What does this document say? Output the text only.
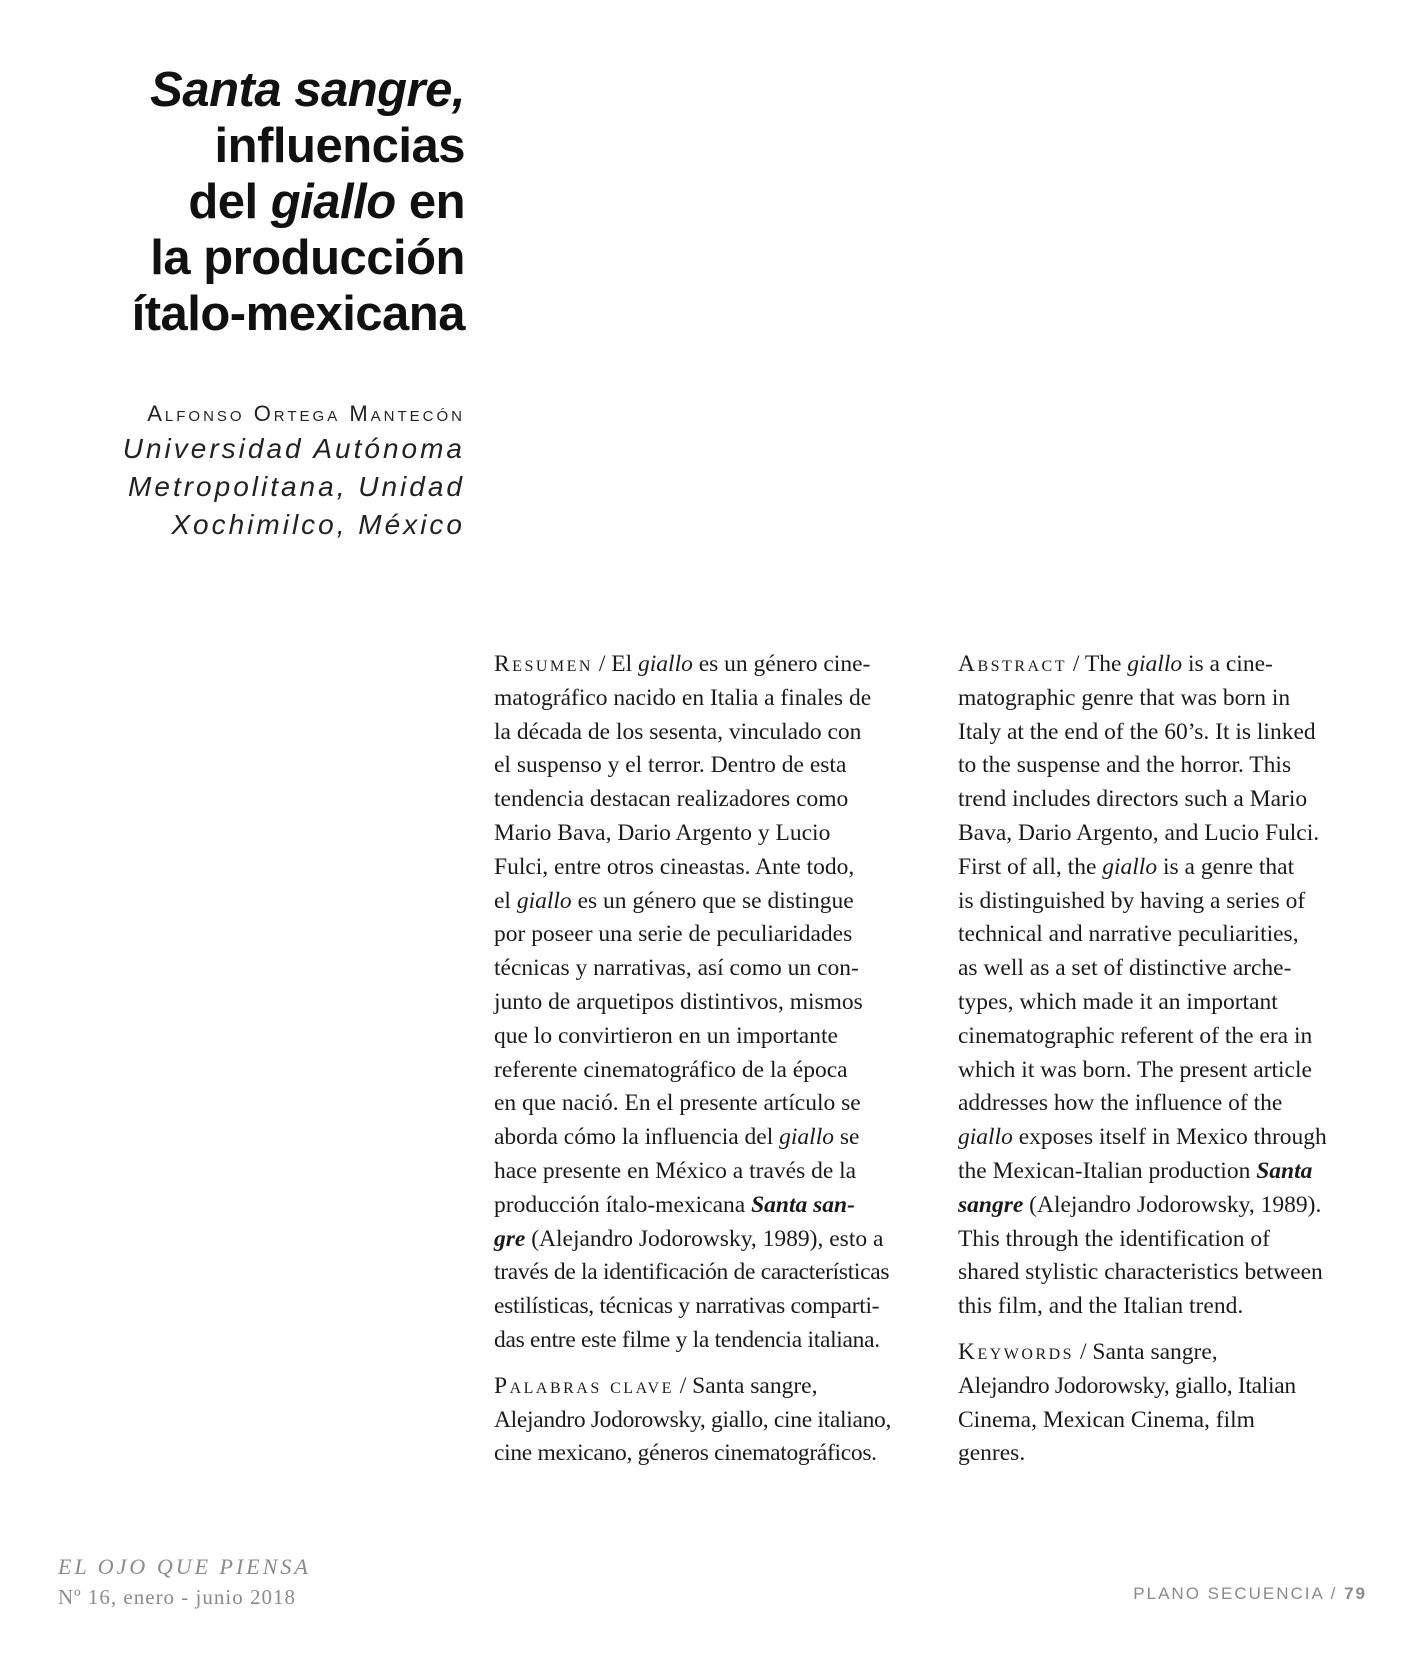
Santa sangre,
influencias
del giallo en
la producción
ítalo-mexicana
Alfonso Ortega Mantecón
Universidad Autónoma
Metropolitana, Unidad
Xochimilco, México

Resumen / El giallo es un género cine-
matográfico nacido en Italia a finales de
la década de los sesenta, vinculado con
el suspenso y el terror. Dentro de esta
tendencia destacan realizadores como
Mario Bava, Dario Argento y Lucio
Fulci, entre otros cineastas. Ante todo,
el giallo es un género que se distingue
por poseer una serie de peculiaridades
técnicas y narrativas, así como un con-
junto de arquetipos distintivos, mismos
que lo convirtieron en un importante
referente cinematográfico de la época
en que nació. En el presente artículo se
aborda cómo la influencia del giallo se
hace presente en México a través de la
producción ítalo-mexicana Santa san-
gre (Alejandro Jodorowsky, 1989), esto a
través de la identificación de características
estilísticas, técnicas y narrativas comparti-
das entre este filme y la tendencia italiana.

Palabras clave / Santa sangre,
Alejandro Jodorowsky, giallo, cine italiano,
cine mexicano, géneros cinematográficos.

Abstract / The giallo is a cine-
matographic genre that was born in
Italy at the end of the 60’s. It is linked
to the suspense and the horror. This
trend includes directors such a Mario
Bava, Dario Argento, and Lucio Fulci.
First of all, the giallo is a genre that
is distinguished by having a series of
technical and narrative peculiarities,
as well as a set of distinctive arche-
types, which made it an important
cinematographic referent of the era in
which it was born. The present article
addresses how the influence of the
giallo exposes itself in Mexico through
the Mexican-Italian production Santa
sangre (Alejandro Jodorowsky, 1989).
This through the identification of
shared stylistic characteristics between
this film, and the Italian trend.

Keywords / Santa sangre,
Alejandro Jodorowsky, giallo, Italian
Cinema, Mexican Cinema, film
genres.

EL OJO QUE PIENSA
Nº 16, enero - junio 2018	PLANO SECUENCIA / 79
